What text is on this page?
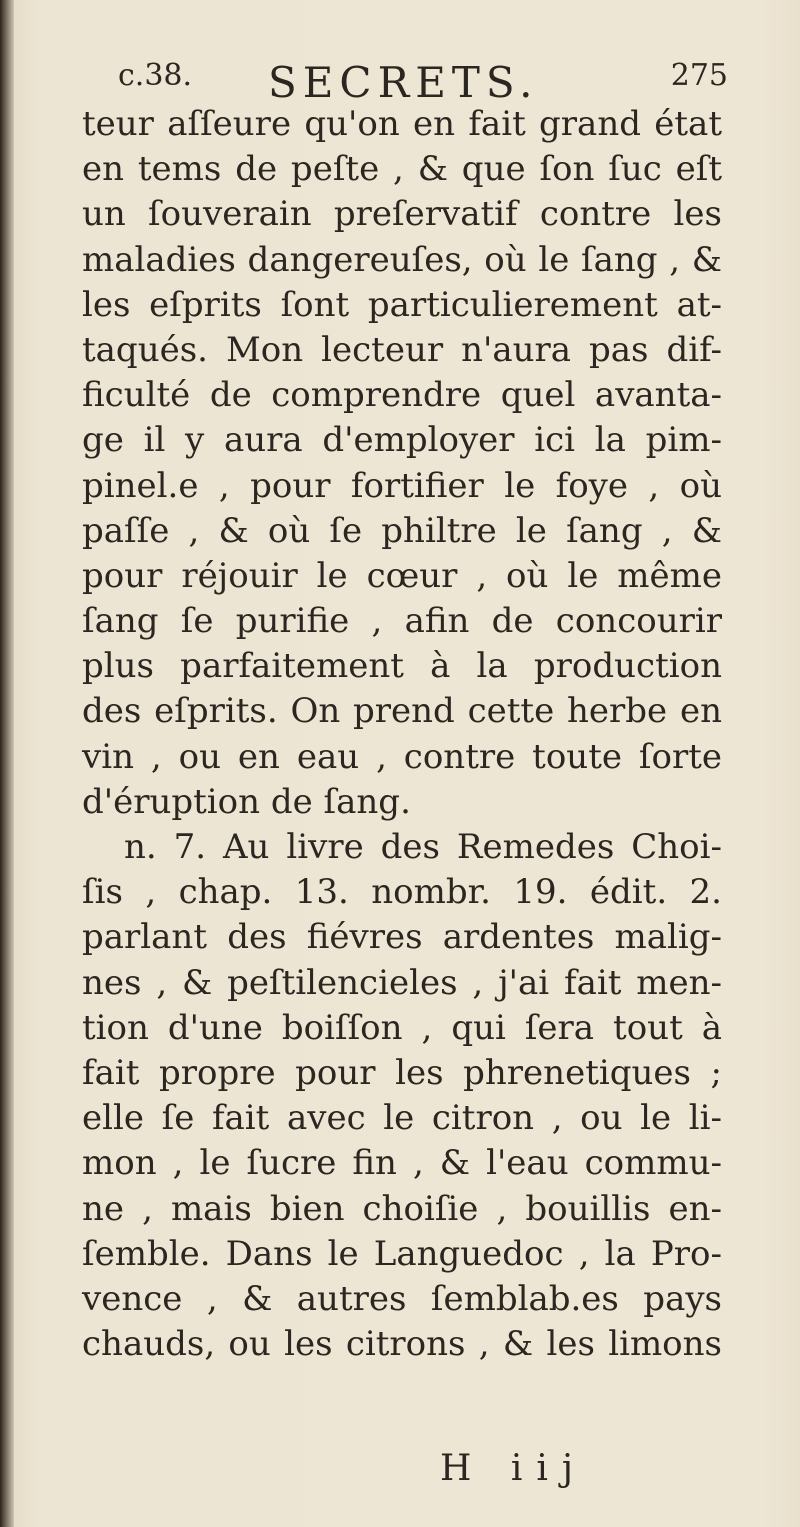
c.38. SECRETS.	275
teur aſſeure qu'on en fait grand état
en tems de peſte , & que ſon ſuc eſt
un ſouverain preſervatif contre les
maladies dangereuſes, où le ſang , &
les eſprits ſont particulierement at-
taqués. Mon lecteur n'aura pas dif-
ficulté de comprendre quel avanta-
ge il y aura d'employer ici la pim-
pinel.e , pour fortifier le foye , où
paſſe , & où ſe philtre le ſang , &
pour réjouir le cœur , où le même
ſang ſe purifie , afin de concourir
plus parfaitement à la production
des eſprits. On prend cette herbe en
vin , ou en eau , contre toute ſorte
d'éruption de ſang.
n. 7. Au livre des Remedes Choi-
ſis , chap. 13. nombr. 19. édit. 2.
parlant des fiévres ardentes malig-
nes , & peſtilencieles , j'ai fait men-
tion d'une boiſſon , qui ſera tout à
fait propre pour les phrenetiques ;
elle ſe fait avec le citron , ou le li-
mon , le ſucre fin , & l'eau commu-
ne , mais bien choiſie , bouillis en-
ſemble. Dans le Languedoc , la Pro-
vence , & autres ſemblab.es pays
chauds, ou les citrons , & les limons
H iij
